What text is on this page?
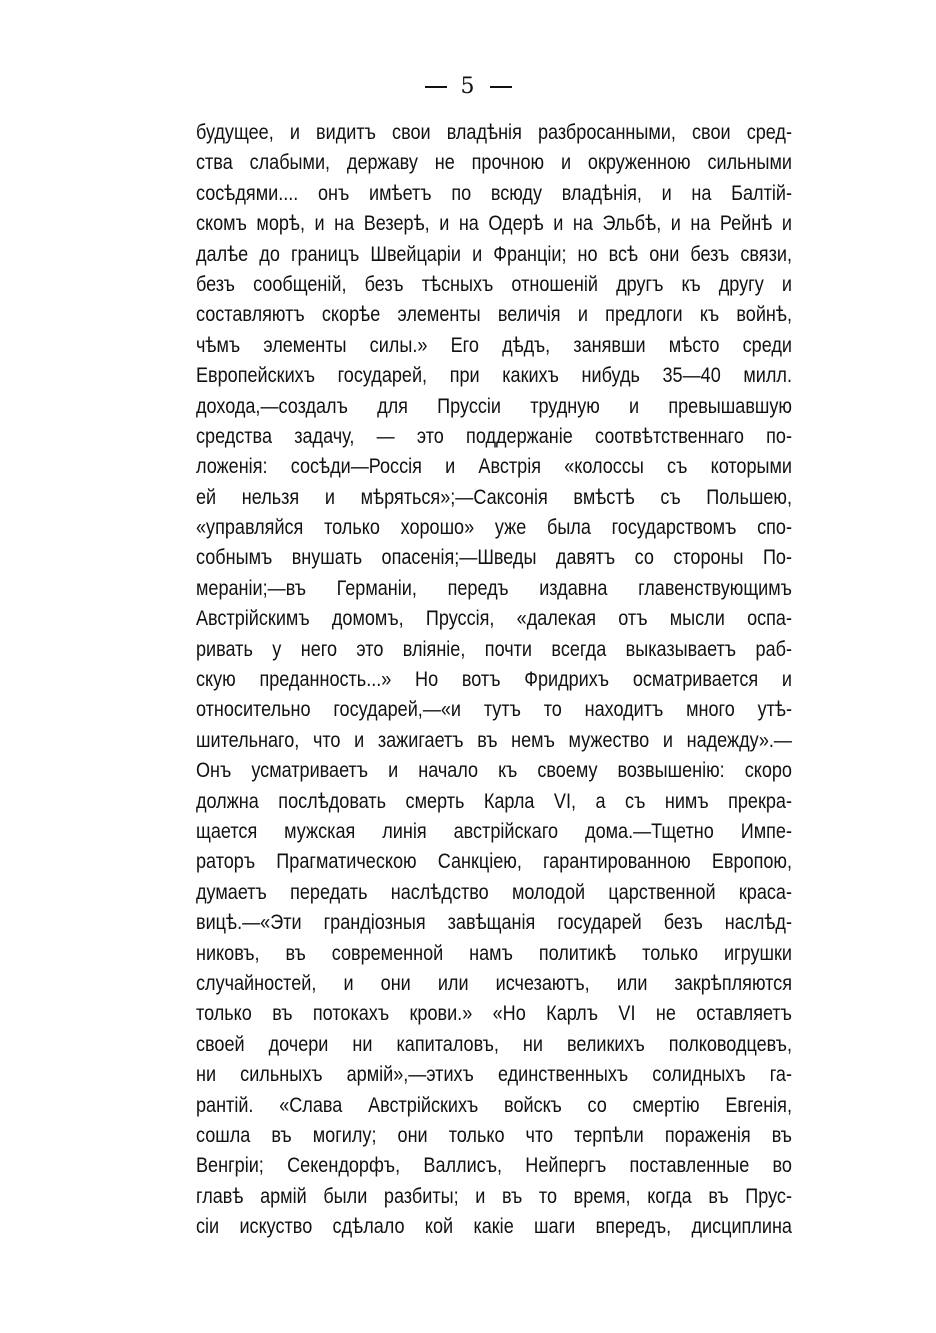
5
будущее, и видитъ свои владѣнія разбросанными, свои сред-
ства слабыми, державу не прочною и окруженною сильными
сосѣдями.... онъ имѣетъ по всюду владѣнія, и на Балтій-
скомъ морѣ, и на Везерѣ, и на Одерѣ и на Эльбѣ, и на Рейнѣ и
далѣе до границъ Швейцаріи и Франціи; но всѣ они безъ связи,
безъ сообщеній, безъ тѣсныхъ отношеній другъ къ другу и
составляютъ скорѣе элементы величія и предлоги къ войнѣ,
чѣмъ элементы силы.» Его дѣдъ, занявши мѣсто среди
Европейскихъ государей, при какихъ нибудь 35—40 милл.
дохода,—создалъ для Пруссіи трудную и превышавшую
средства задачу, — это поддержаніе соотвѣтственнаго по-
ложенія: сосѣди—Россія и Австрія «колоссы съ которыми
ей нельзя и мѣряться»;—Саксонія вмѣстѣ съ Польшею,
«управляйся только хорошо» уже была государствомъ спо-
собнымъ внушать опасенія;—Шведы давятъ со стороны По-
мераніи;—въ Германіи, передъ издавна главенствующимъ
Австрійскимъ домомъ, Пруссія, «далекая отъ мысли оспа-
ривать у него это вліяніе, почти всегда выказываетъ раб-
скую преданность...» Но вотъ Фридрихъ осматривается и
относительно государей,—«и тутъ то находитъ много утѣ-
шительнаго, что и зажигаетъ въ немъ мужество и надежду».—
Онъ усматриваетъ и начало къ своему возвышенію: скоро
должна послѣдовать смерть Карла VI, а съ нимъ прекра-
щается мужская линія австрійскаго дома.—Тщетно Импе-
раторъ Прагматическою Санкціею, гарантированною Европою,
думаетъ передать наслѣдство молодой царственной краса-
вицѣ.—«Эти грандіозныя завѣщанія государей безъ наслѣд-
никовъ, въ современной намъ политикѣ только игрушки
случайностей, и они или исчезаютъ, или закрѣпляются
только въ потокахъ крови.» «Но Карлъ VI не оставляетъ
своей дочери ни капиталовъ, ни великихъ полководцевъ,
ни сильныхъ армій»,—этихъ единственныхъ солидныхъ га-
рантій. «Слава Австрійскихъ войскъ со смертію Евгенія,
сошла въ могилу; они только что терпѣли пораженія въ
Венгріи; Секендорфъ, Валлисъ, Нейпергъ поставленные во
главѣ армій были разбиты; и въ то время, когда въ Прус-
сіи искуство сдѣлало кой какіе шаги впередъ, дисциплина
